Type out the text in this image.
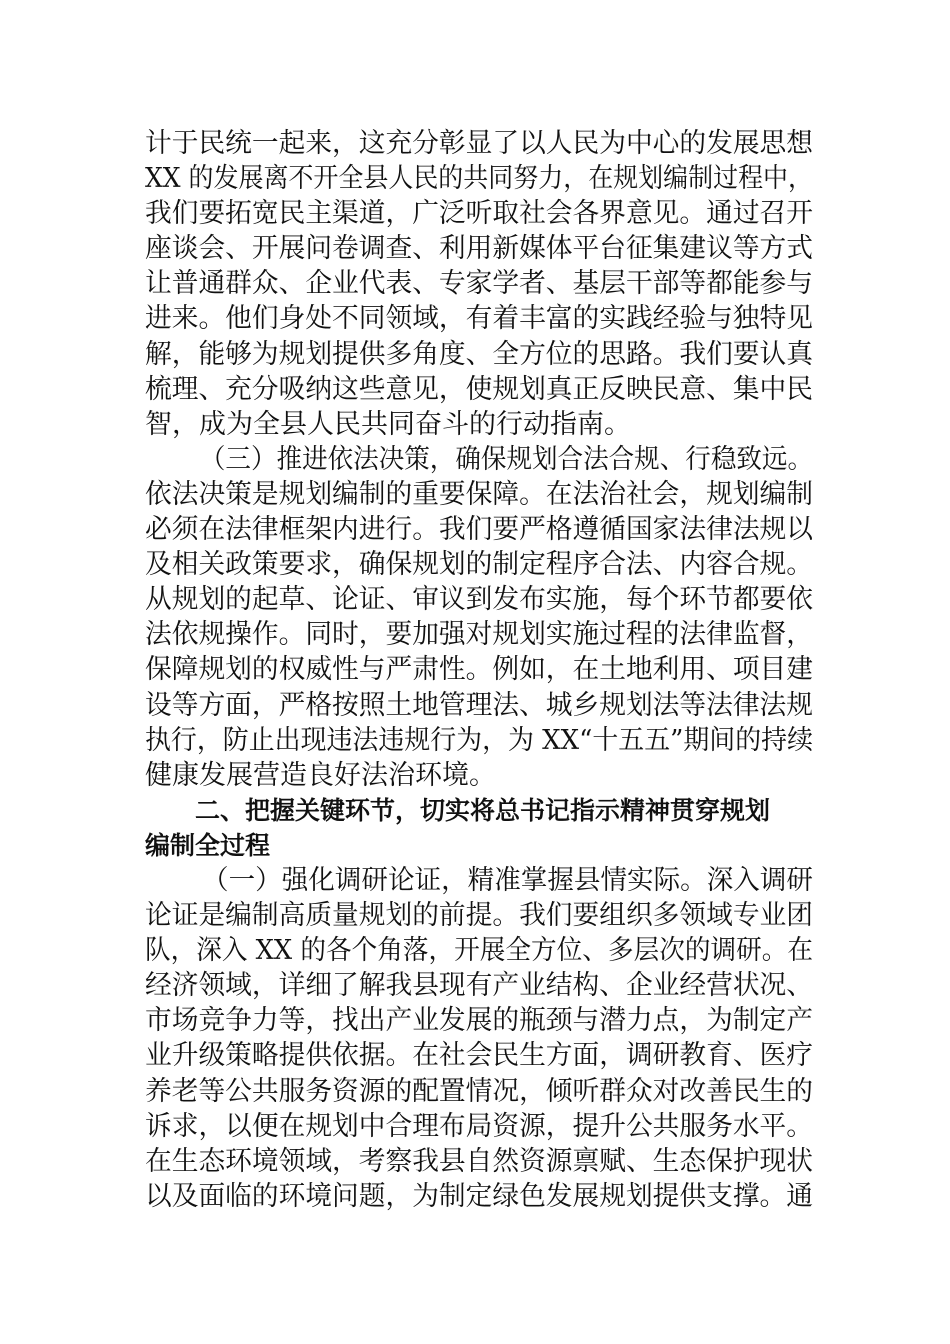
计于民统一起来，这充分彰显了以人民为中心的发展思想
XX 的发展离不开全县人民的共同努力，在规划编制过程中，
我们要拓宽民主渠道，广泛听取社会各界意见。通过召开
座谈会、开展问卷调查、利用新媒体平台征集建议等方式
让普通群众、企业代表、专家学者、基层干部等都能参与
进来。他们身处不同领域，有着丰富的实践经验与独特见
解，能够为规划提供多角度、全方位的思路。我们要认真
梳理、充分吸纳这些意见，使规划真正反映民意、集中民
智，成为全县人民共同奋斗的行动指南。
（三）推进依法决策，确保规划合法合规、行稳致远。
依法决策是规划编制的重要保障。在法治社会，规划编制
必须在法律框架内进行。我们要严格遵循国家法律法规以
及相关政策要求，确保规划的制定程序合法、内容合规。
从规划的起草、论证、审议到发布实施，每个环节都要依
法依规操作。同时，要加强对规划实施过程的法律监督，
保障规划的权威性与严肃性。例如，在土地利用、项目建
设等方面，严格按照土地管理法、城乡规划法等法律法规
执行，防止出现违法违规行为，为 XX“十五五”期间的持续
健康发展营造良好法治环境。
二、把握关键环节，切实将总书记指示精神贯穿规划
编制全过程
（一）强化调研论证，精准掌握县情实际。深入调研
论证是编制高质量规划的前提。我们要组织多领域专业团
队，深入 XX 的各个角落，开展全方位、多层次的调研。在
经济领域，详细了解我县现有产业结构、企业经营状况、
市场竞争力等，找出产业发展的瓶颈与潜力点，为制定产
业升级策略提供依据。在社会民生方面，调研教育、医疗
养老等公共服务资源的配置情况，倾听群众对改善民生的
诉求，以便在规划中合理布局资源，提升公共服务水平。
在生态环境领域，考察我县自然资源禀赋、生态保护现状
以及面临的环境问题，为制定绿色发展规划提供支撑。通
